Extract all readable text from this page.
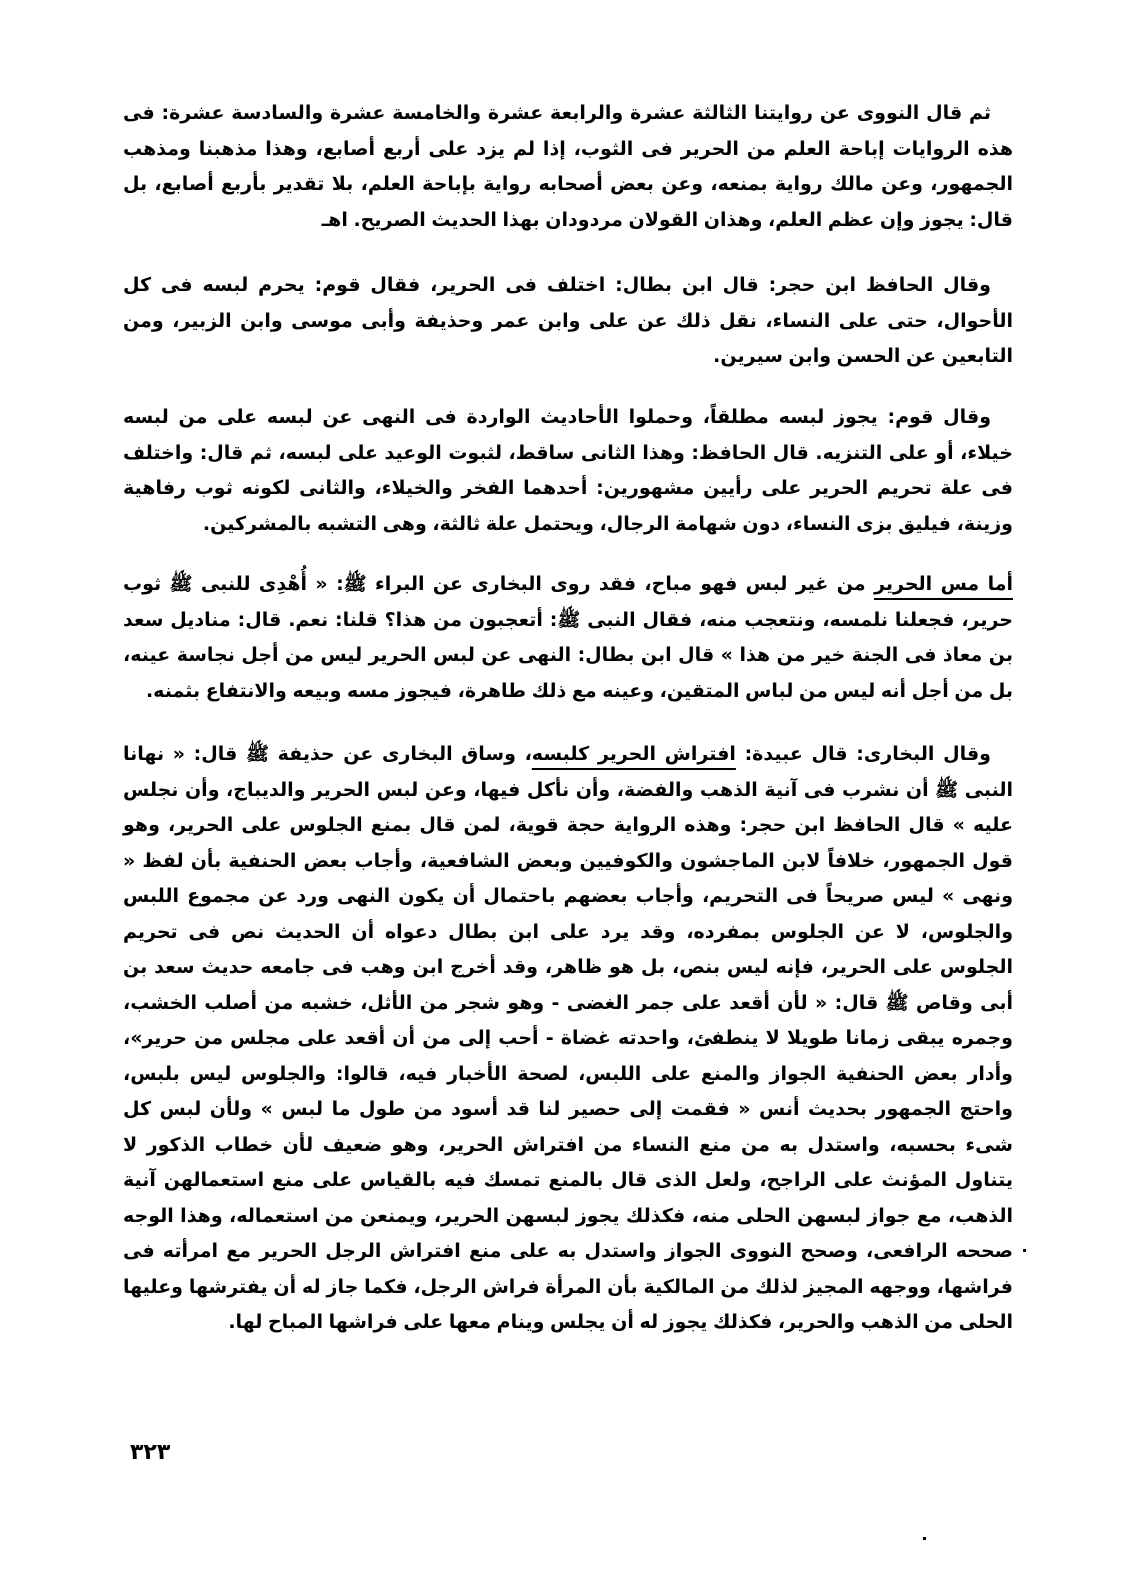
ثم قال النووى عن روايتنا الثالثة عشرة والرابعة عشرة والخامسة عشرة والسادسة عشرة: فى هذه الروايات إباحة العلم من الحرير فى الثوب، إذا لم يزد على أربع أصابع، وهذا مذهبنا ومذهب الجمهور، وعن مالك رواية بمنعه، وعن بعض أصحابه رواية بإباحة العلم، بلا تقدير بأربع أصابع، بل قال: يجوز وإن عظم العلم، وهذان القولان مردودان بهذا الحديث الصريح. اهـ

وقال الحافظ ابن حجر: قال ابن بطال: اختلف فى الحرير، فقال قوم: يحرم لبسه فى كل الأحوال، حتى على النساء، نقل ذلك عن على وابن عمر وحذيفة وأبى موسى وابن الزبير، ومن التابعين عن الحسن وابن سيرين.

وقال قوم: يجوز لبسه مطلقاً، وحملوا الأحاديث الواردة فى النهى عن لبسه على من لبسه خيلاء، أو على التنزيه. قال الحافظ: وهذا الثانى ساقط، لثبوت الوعيد على لبسه، ثم قال: واختلف فى علة تحريم الحرير على رأيين مشهورين: أحدهما الفخر والخيلاء، والثانى لكونه ثوب رفاهية وزينة، فيليق بزى النساء، دون شهامة الرجال، ويحتمل علة ثالثة، وهى التشبه بالمشركين.

أما مس الحرير من غير لبس فهو مباح، فقد روى البخارى عن البراء ﷺ: « أُهْدِى للنبى ﷺ ثوب حرير، فجعلنا نلمسه، ونتعجب منه، فقال النبى ﷺ: أتعجبون من هذا؟ قلنا: نعم. قال: مناديل سعد بن معاذ فى الجنة خير من هذا » قال ابن بطال: النهى عن لبس الحرير ليس من أجل نجاسة عينه، بل من أجل أنه ليس من لباس المتقين، وعينه مع ذلك طاهرة، فيجوز مسه وبيعه والانتفاع بثمنه.

وقال البخارى: قال عبيدة: افتراش الحرير كلبسه، وساق البخارى عن حذيفة ﷺ قال: « نهانا النبى ﷺ أن نشرب فى آنية الذهب والفضة، وأن نأكل فيها، وعن لبس الحرير والديباج، وأن نجلس عليه » قال الحافظ ابن حجر: وهذه الرواية حجة قوية، لمن قال بمنع الجلوس على الحرير، وهو قول الجمهور، خلافاً لابن الماجشون والكوفيين وبعض الشافعية، وأجاب بعض الحنفية بأن لفظ « ونهى » ليس صريحاً فى التحريم، وأجاب بعضهم باحتمال أن يكون النهى ورد عن مجموع اللبس والجلوس، لا عن الجلوس بمفرده، وقد يرد على ابن بطال دعواه أن الحديث نص فى تحريم الجلوس على الحرير، فإنه ليس بنص، بل هو ظاهر، وقد أخرج ابن وهب فى جامعه حديث سعد بن أبى وقاص ﷺ قال: « لأن أقعد على جمر الغضى - وهو شجر من الأثل، خشبه من أصلب الخشب، وجمره يبقى زمانا طويلا لا ينطفئ، واحدته غضاة - أحب إلى من أن أقعد على مجلس من حرير»، وأدار بعض الحنفية الجواز والمنع على اللبس، لصحة الأخبار فيه، قالوا: والجلوس ليس بلبس، واحتج الجمهور بحديث أنس « فقمت إلى حصير لنا قد أسود من طول ما لبس » ولأن لبس كل شىء بحسبه، واستدل به من منع النساء من افتراش الحرير، وهو ضعيف لأن خطاب الذكور لا يتناول المؤنث على الراجح، ولعل الذى قال بالمنع تمسك فيه بالقياس على منع استعمالهن آنية الذهب، مع جواز لبسهن الحلى منه، فكذلك يجوز لبسهن الحرير، ويمنعن من استعماله، وهذا الوجه صححه الرافعى، وصحح النووى الجواز واستدل به على منع افتراش الرجل الحرير مع امرأته فى فراشها، ووجهه المجيز لذلك من المالكية بأن المرأة فراش الرجل، فكما جاز له أن يفترشها وعليها الحلى من الذهب والحرير، فكذلك يجوز له أن يجلس وينام معها على فراشها المباح لها.

٣٢٣
